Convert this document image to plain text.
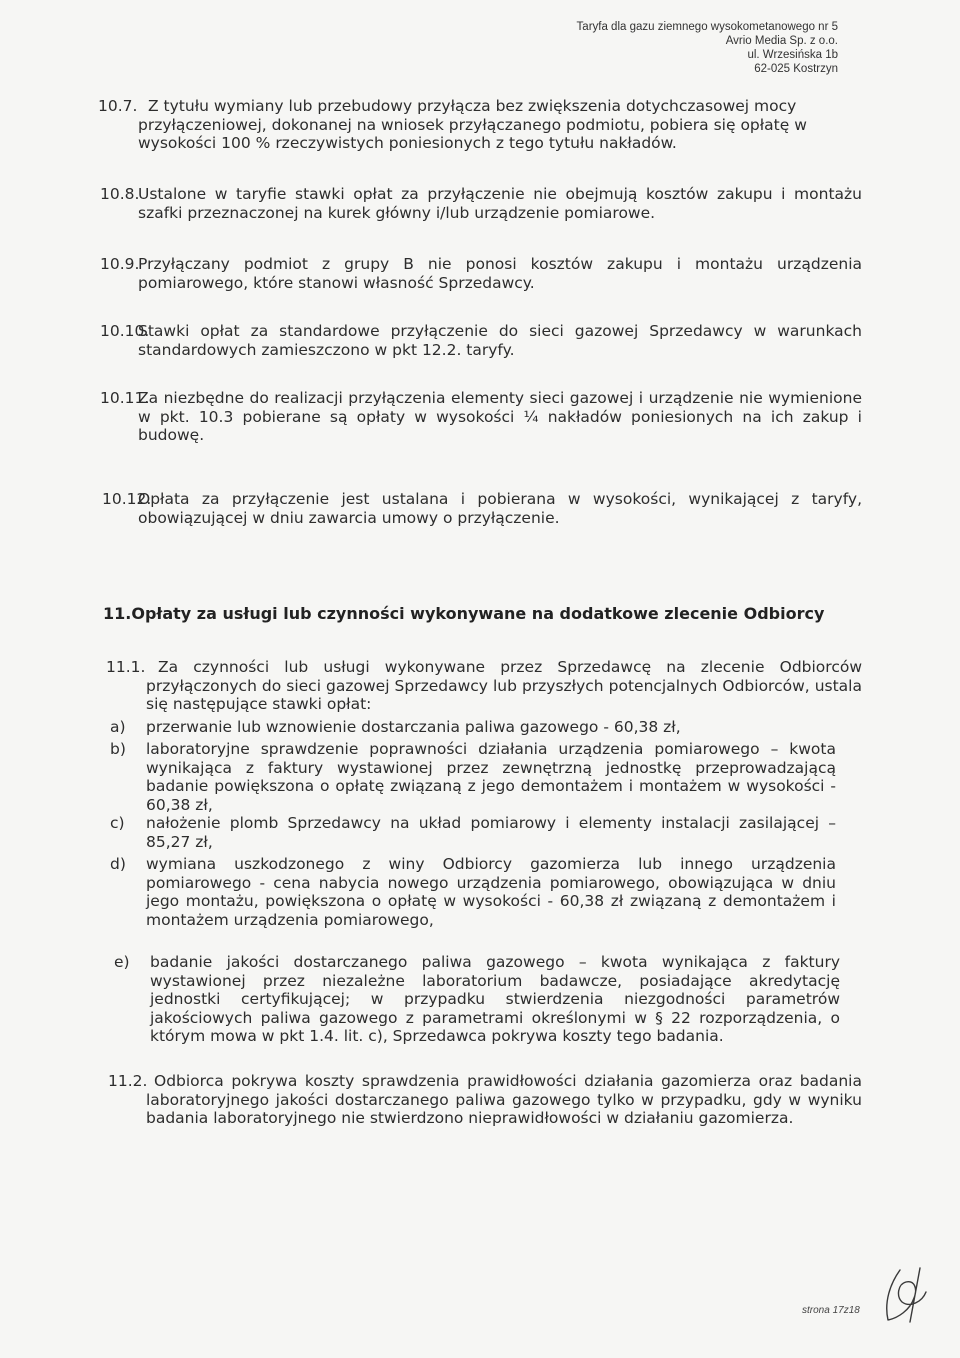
Taryfa dla gazu ziemnego wysokometanowego nr 5
Avrio Media Sp. z o.o.
ul. Wrzesińska 1b
62-025 Kostrzyn
10.7. Z tytułu wymiany lub przebudowy przyłącza bez zwiększenia dotychczasowej mocy przyłączeniowej, dokonanej na wniosek przyłączanego podmiotu, pobiera się opłatę w wysokości 100 % rzeczywistych poniesionych z tego tytułu nakładów.
10.8.
Ustalone w taryfie stawki opłat za przyłączenie nie obejmują kosztów zakupu i montażu szafki przeznaczonej na kurek główny i/lub urządzenie pomiarowe.
10.9.
Przyłączany podmiot z grupy B nie ponosi kosztów zakupu i montażu urządzenia pomiarowego, które stanowi własność Sprzedawcy.
10.10.
Stawki opłat za standardowe przyłączenie do sieci gazowej Sprzedawcy w warunkach standardowych zamieszczono w pkt 12.2. taryfy.
10.11.
Za niezbędne do realizacji przyłączenia elementy sieci gazowej i urządzenie nie wymienione w pkt. 10.3 pobierane są opłaty w wysokości ¼ nakładów poniesionych na ich zakup i budowę.
10.12.
Opłata za przyłączenie jest ustalana i pobierana w wysokości, wynikającej z taryfy, obowiązującej w dniu zawarcia umowy o przyłączenie.
11.Opłaty za usługi lub czynności wykonywane na dodatkowe zlecenie Odbiorcy
11.1. Za czynności lub usługi wykonywane przez Sprzedawcę na zlecenie Odbiorców przyłączonych do sieci gazowej Sprzedawcy lub przyszłych potencjalnych Odbiorców, ustala się następujące stawki opłat:
a) przerwanie lub wznowienie dostarczania paliwa gazowego - 60,38 zł,
b) laboratoryjne sprawdzenie poprawności działania urządzenia pomiarowego – kwota wynikająca z faktury wystawionej przez zewnętrzną jednostkę przeprowadzającą badanie powiększona o opłatę związaną z jego demontażem i montażem w wysokości - 60,38 zł,
c) nałożenie plomb Sprzedawcy na układ pomiarowy i elementy instalacji zasilającej – 85,27 zł,
d) wymiana uszkodzonego z winy Odbiorcy gazomierza lub innego urządzenia pomiarowego - cena nabycia nowego urządzenia pomiarowego, obowiązująca w dniu jego montażu, powiększona o opłatę w wysokości - 60,38 zł związaną z demontażem i montażem urządzenia pomiarowego,
e) badanie jakości dostarczanego paliwa gazowego – kwota wynikająca z faktury wystawionej przez niezależne laboratorium badawcze, posiadające akredytację jednostki certyfikującej; w przypadku stwierdzenia niezgodności parametrów jakościowych paliwa gazowego z parametrami określonymi w § 22 rozporządzenia, o którym mowa w pkt 1.4. lit. c), Sprzedawca pokrywa koszty tego badania.
11.2. Odbiorca pokrywa koszty sprawdzenia prawidłowości działania gazomierza oraz badania laboratoryjnego jakości dostarczanego paliwa gazowego tylko w przypadku, gdy w wyniku badania laboratoryjnego nie stwierdzono nieprawidłowości w działaniu gazomierza.
strona 17z18
